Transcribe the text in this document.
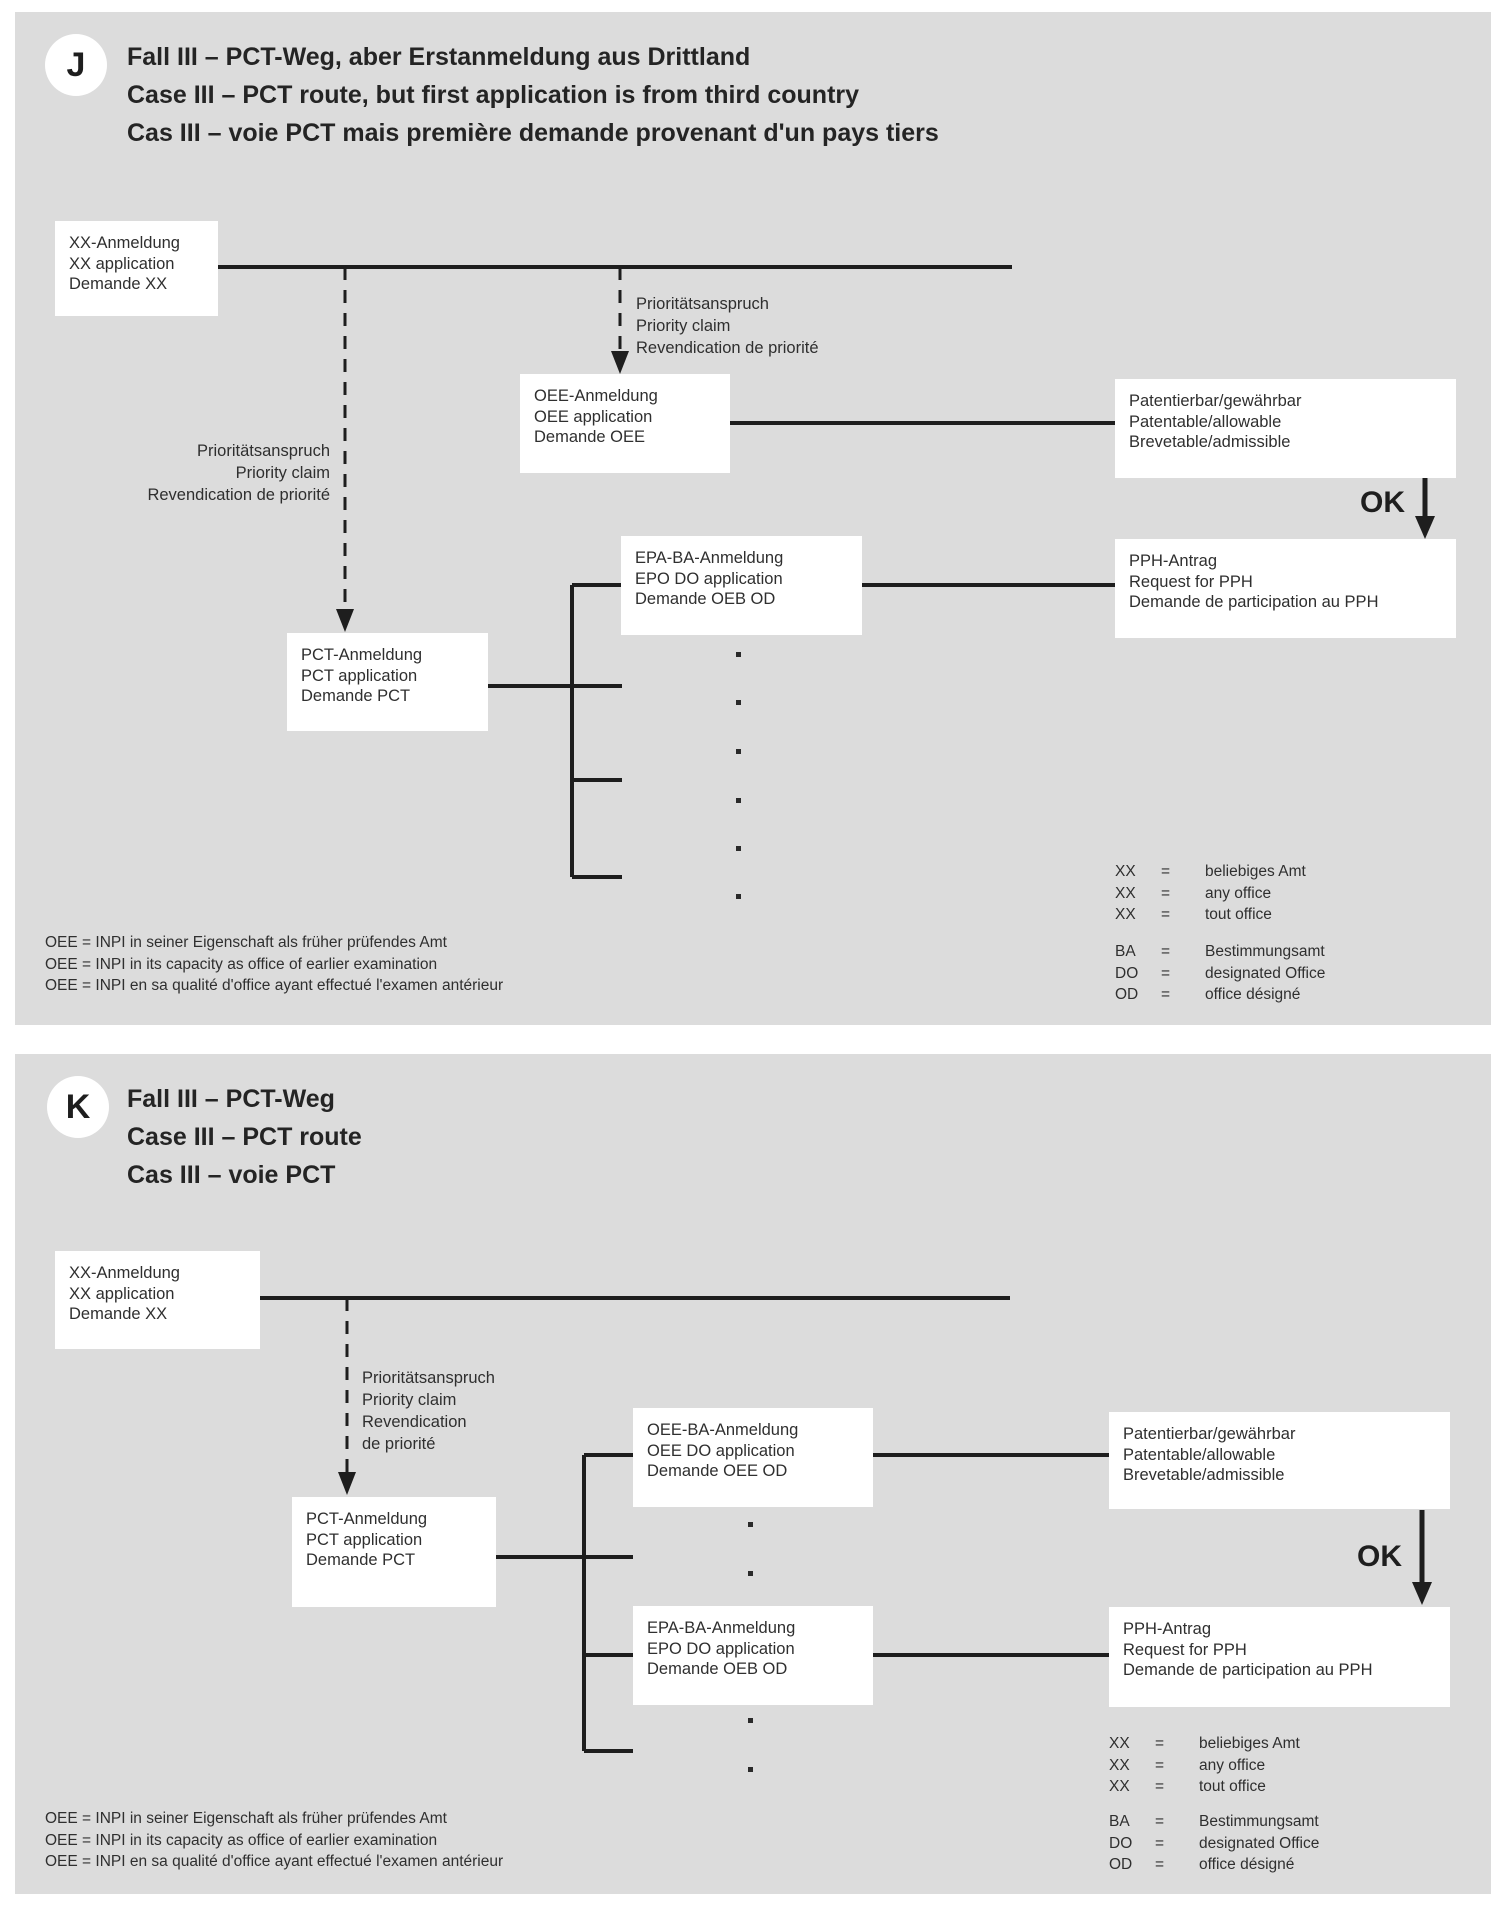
J	Fall III – PCT-Weg, aber Erstanmeldung aus Drittland
Case III – PCT route, but first application is from third country
Cas III – voie PCT mais première demande provenant d'un pays tiers
XX-Anmeldung
XX application
Demande XX
OEE-Anmeldung
OEE application
Demande OEE
Patentierbar/gewährbar
Patentable/allowable
Brevetable/admissible
EPA-BA-Anmeldung
EPO DO application
Demande OEB OD
PPH-Antrag
Request for PPH
Demande de participation au PPH
PCT-Anmeldung
PCT application
Demande PCT
Prioritätsanspruch
Priority claim
Revendication de priorité
Prioritätsanspruch
Priority claim
Revendication de priorité
OK
OEE = INPI in seiner Eigenschaft als früher prüfendes Amt
OEE = INPI in its capacity as office of earlier examination
OEE = INPI en sa qualité d'office ayant effectué l'examen antérieur
XX	=	beliebiges Amt
XX	=	any office
XX	=	tout office
BA	=	Bestimmungsamt
DO	=	designated Office
OD	=	office désigné
K	Fall III – PCT-Weg
Case III – PCT route
Cas III – voie PCT
XX-Anmeldung
XX application
Demande XX
PCT-Anmeldung
PCT application
Demande PCT
OEE-BA-Anmeldung
OEE DO application
Demande OEE OD
EPA-BA-Anmeldung
EPO DO application
Demande OEB OD
Patentierbar/gewährbar
Patentable/allowable
Brevetable/admissible
PPH-Antrag
Request for PPH
Demande de participation au PPH
Prioritätsanspruch
Priority claim
Revendication
de priorité
OK
OEE = INPI in seiner Eigenschaft als früher prüfendes Amt
OEE = INPI in its capacity as office of earlier examination
OEE = INPI en sa qualité d'office ayant effectué l'examen antérieur
XX	=	beliebiges Amt
XX	=	any office
XX	=	tout office
BA	=	Bestimmungsamt
DO	=	designated Office
OD	=	office désigné
